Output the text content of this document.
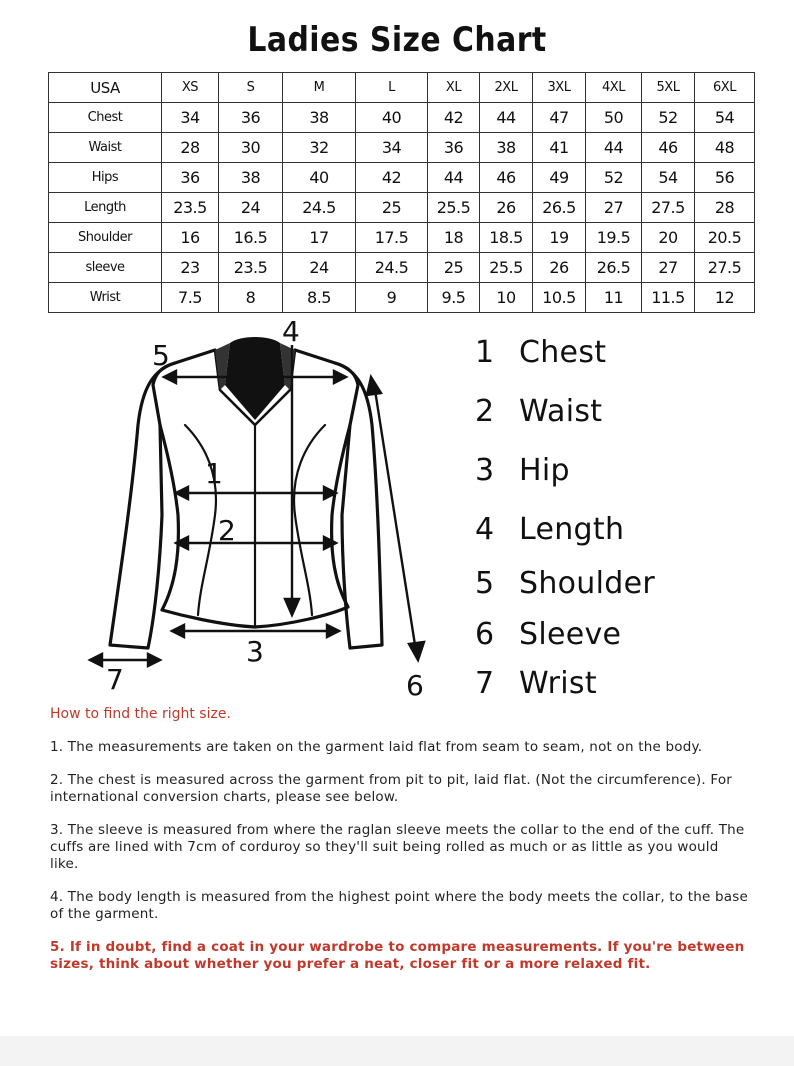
Ladies Size Chart
USA	XS	S	M	L	XL	2XL	3XL	4XL	5XL	6XL
Chest	34	36	38	40	42	44	47	50	52	54
Waist	28	30	32	34	36	38	41	44	46	48
Hips	36	38	40	42	44	46	49	52	54	56
Length	23.5	24	24.5	25	25.5	26	26.5	27	27.5	28
Shoulder	16	16.5	17	17.5	18	18.5	19	19.5	20	20.5
sleeve	23	23.5	24	24.5	25	25.5	26	26.5	27	27.5
Wrist	7.5	8	8.5	9	9.5	10	10.5	11	11.5	12
1
2
3
4
5
6
7
1 Chest
2 Waist
3 Hip
4 Length
5 Shoulder
6 Sleeve
7 Wrist
How to find the right size.

1. The measurements are taken on the garment laid flat from seam to seam, not on the body.

2. The chest is measured across the garment from pit to pit, laid flat. (Not the circumference). For international conversion charts, please see below.

3. The sleeve is measured from where the raglan sleeve meets the collar to the end of the cuff. The cuffs are lined with 7cm of corduroy so they'll suit being rolled as much or as little as you would like.

4. The body length is measured from the highest point where the body meets the collar, to the base of the garment.

5. If in doubt, find a coat in your wardrobe to compare measurements. If you're between sizes, think about whether you prefer a neat, closer fit or a more relaxed fit.
